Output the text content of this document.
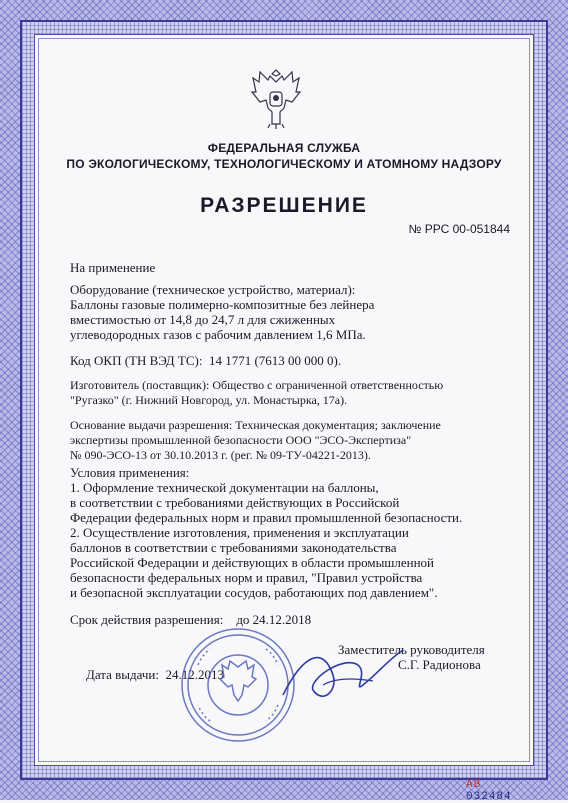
ФЕДЕРАЛЬНАЯ СЛУЖБА
ПО ЭКОЛОГИЧЕСКОМУ, ТЕХНОЛОГИЧЕСКОМУ И АТОМНОМУ НАДЗОРУ
РАЗРЕШЕНИЕ
№ РРС 00-051844
На применение
Оборудование (техническое устройство, материал):
Баллоны газовые полимерно-композитные без лейнера
вместимостью от 14,8 до 24,7 л для сжиженных
углеводородных газов с рабочим давлением 1,6 МПа.
Код ОКП (ТН ВЭД ТС):  14 1771 (7613 00 000 0).
Изготовитель (поставщик): Общество с ограниченной ответственностью
"Ругазко" (г. Нижний Новгород, ул. Монастырка, 17а).
Основание выдачи разрешения: Техническая документация; заключение
экспертизы промышленной безопасности ООО "ЭСО-Экспертиза"
№ 090-ЭСО-13 от 30.10.2013 г. (рег. № 09-ТУ-04221-2013).
Условия применения:
1. Оформление технической документации на баллоны,
в соответствии с требованиями действующих в Российской
Федерации федеральных норм и правил промышленной безопасности.
2. Осуществление изготовления, применения и эксплуатации
баллонов в соответствии с требованиями законодательства
Российской Федерации и действующих в области промышленной
безопасности федеральных норм и правил, "Правил устройства
и безопасной эксплуатации сосудов, работающих под давлением".
Срок действия разрешения:    до 24.12.2018
Заместитель руководителя
С.Г. Радионова
Дата выдачи:  24.12.2013
АВ  032484
